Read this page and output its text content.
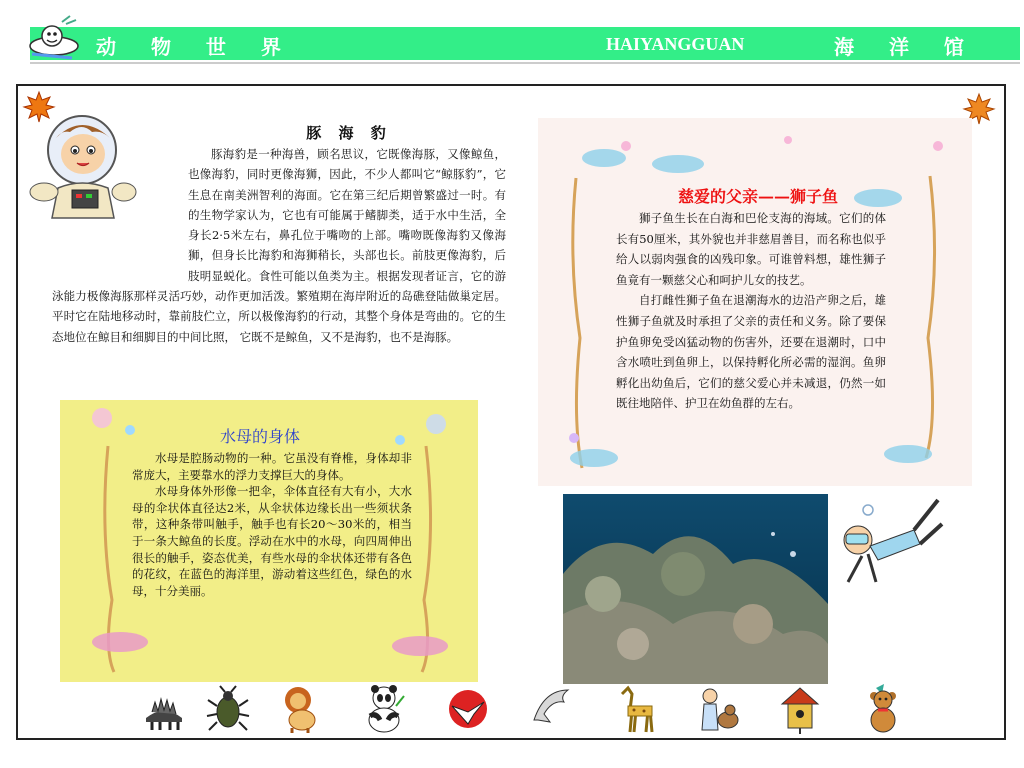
动 物 世 界	HAIYANGGUAN	海 洋 馆
豚 海 豹
豚海豹是一种海兽，顾名思议，它既像海豚，又像鲸鱼，也像海豹，同时更像海狮，因此，不少人都叫它“鲸豚豹”，它生息在南美洲智利的海面。它在第三纪后期曾繁盛过一时。有的生物学家认为，它也有可能属于鳍脚类，适于水中生活，全身长2·5米左右，鼻孔位于嘴吻的上部。嘴吻既像海豹又像海狮，但身长比海豹和海狮稍长，头部也长。前肢更像海豹，后肢明显蜕化。食性可能以鱼类为主。根据发现者证言，它的游泳能力极像海豚那样灵活巧妙，动作更加活泼。繁殖期在海岸附近的岛礁登陆做巢定居。平时它在陆地移动时，靠前肢伫立，所以极像海豹的行动，其整个身体是弯曲的。它的生态地位在鲸目和细脚目的中间比照， 它既不是鲸鱼，又不是海豹，也不是海豚。
慈爱的父亲——狮子鱼
狮子鱼生长在白海和巴伦支海的海域。它们的体长有50厘米，其外貌也并非慈眉善目，而名称也似乎给人以弱肉强食的凶残印象。可谁曾料想，雄性狮子鱼竟有一颗慈父心和呵护儿女的技艺。
自打雌性狮子鱼在退潮海水的边沿产卵之后，雄性狮子鱼就及时承担了父亲的责任和义务。除了要保护鱼卵免受凶猛动物的伤害外，还要在退潮时，口中含水喷吐到鱼卵上，以保持孵化所必需的湿润。鱼卵孵化出幼鱼后，它们的慈父爱心并未减退，仍然一如既往地陪伴、护卫在幼鱼群的左右。
水母的身体
水母是腔肠动物的一种。它虽没有脊椎，身体却非常庞大，主要靠水的浮力支撑巨大的身体。
水母身体外形像一把伞，伞体直径有大有小，大水母的伞状体直径达2米，从伞状体边缘长出一些须状条带，这种条带叫触手，触手也有长20～30米的，相当于一条大鲸鱼的长度。浮动在水中的水母，向四周伸出很长的触手，姿态优美，有些水母的伞状体还带有各色的花纹，在蓝色的海洋里，游动着这些红色，绿色的水母，十分美丽。
